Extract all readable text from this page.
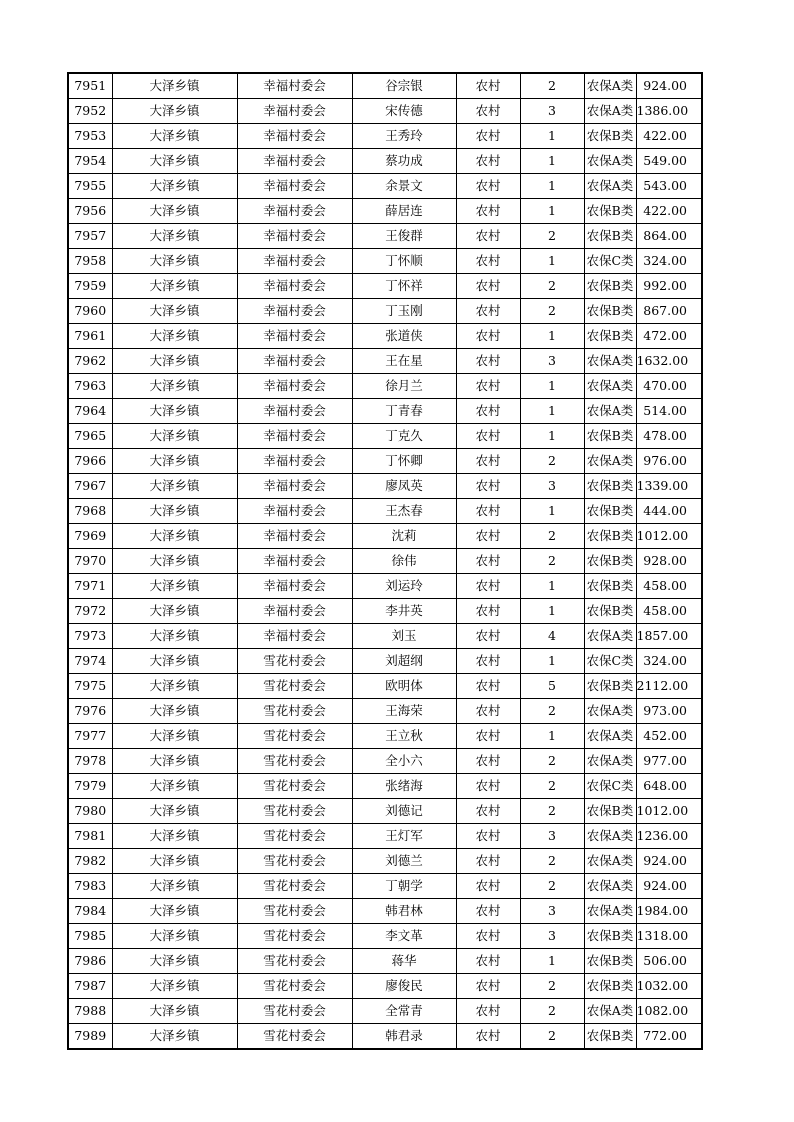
7951	大泽乡镇	幸福村委会	谷宗银	农村	2	农保A类	924.00
7952	大泽乡镇	幸福村委会	宋传德	农村	3	农保A类	1386.00
7953	大泽乡镇	幸福村委会	王秀玲	农村	1	农保B类	422.00
7954	大泽乡镇	幸福村委会	蔡功成	农村	1	农保A类	549.00
7955	大泽乡镇	幸福村委会	余景文	农村	1	农保A类	543.00
7956	大泽乡镇	幸福村委会	薛居连	农村	1	农保B类	422.00
7957	大泽乡镇	幸福村委会	王俊群	农村	2	农保B类	864.00
7958	大泽乡镇	幸福村委会	丁怀顺	农村	1	农保C类	324.00
7959	大泽乡镇	幸福村委会	丁怀祥	农村	2	农保B类	992.00
7960	大泽乡镇	幸福村委会	丁玉刚	农村	2	农保B类	867.00
7961	大泽乡镇	幸福村委会	张道侠	农村	1	农保B类	472.00
7962	大泽乡镇	幸福村委会	王在星	农村	3	农保A类	1632.00
7963	大泽乡镇	幸福村委会	徐月兰	农村	1	农保A类	470.00
7964	大泽乡镇	幸福村委会	丁青春	农村	1	农保A类	514.00
7965	大泽乡镇	幸福村委会	丁克久	农村	1	农保B类	478.00
7966	大泽乡镇	幸福村委会	丁怀卿	农村	2	农保A类	976.00
7967	大泽乡镇	幸福村委会	廖凤英	农村	3	农保B类	1339.00
7968	大泽乡镇	幸福村委会	王杰春	农村	1	农保B类	444.00
7969	大泽乡镇	幸福村委会	沈莉	农村	2	农保B类	1012.00
7970	大泽乡镇	幸福村委会	徐伟	农村	2	农保B类	928.00
7971	大泽乡镇	幸福村委会	刘运玲	农村	1	农保B类	458.00
7972	大泽乡镇	幸福村委会	李井英	农村	1	农保B类	458.00
7973	大泽乡镇	幸福村委会	刘玉	农村	4	农保A类	1857.00
7974	大泽乡镇	雪花村委会	刘超纲	农村	1	农保C类	324.00
7975	大泽乡镇	雪花村委会	欧明体	农村	5	农保B类	2112.00
7976	大泽乡镇	雪花村委会	王海荣	农村	2	农保A类	973.00
7977	大泽乡镇	雪花村委会	王立秋	农村	1	农保A类	452.00
7978	大泽乡镇	雪花村委会	全小六	农村	2	农保A类	977.00
7979	大泽乡镇	雪花村委会	张绪海	农村	2	农保C类	648.00
7980	大泽乡镇	雪花村委会	刘德记	农村	2	农保B类	1012.00
7981	大泽乡镇	雪花村委会	王灯军	农村	3	农保A类	1236.00
7982	大泽乡镇	雪花村委会	刘德兰	农村	2	农保A类	924.00
7983	大泽乡镇	雪花村委会	丁朝学	农村	2	农保A类	924.00
7984	大泽乡镇	雪花村委会	韩君林	农村	3	农保A类	1984.00
7985	大泽乡镇	雪花村委会	李文革	农村	3	农保B类	1318.00
7986	大泽乡镇	雪花村委会	蒋华	农村	1	农保B类	506.00
7987	大泽乡镇	雪花村委会	廖俊民	农村	2	农保B类	1032.00
7988	大泽乡镇	雪花村委会	全常青	农村	2	农保A类	1082.00
7989	大泽乡镇	雪花村委会	韩君录	农村	2	农保B类	772.00
